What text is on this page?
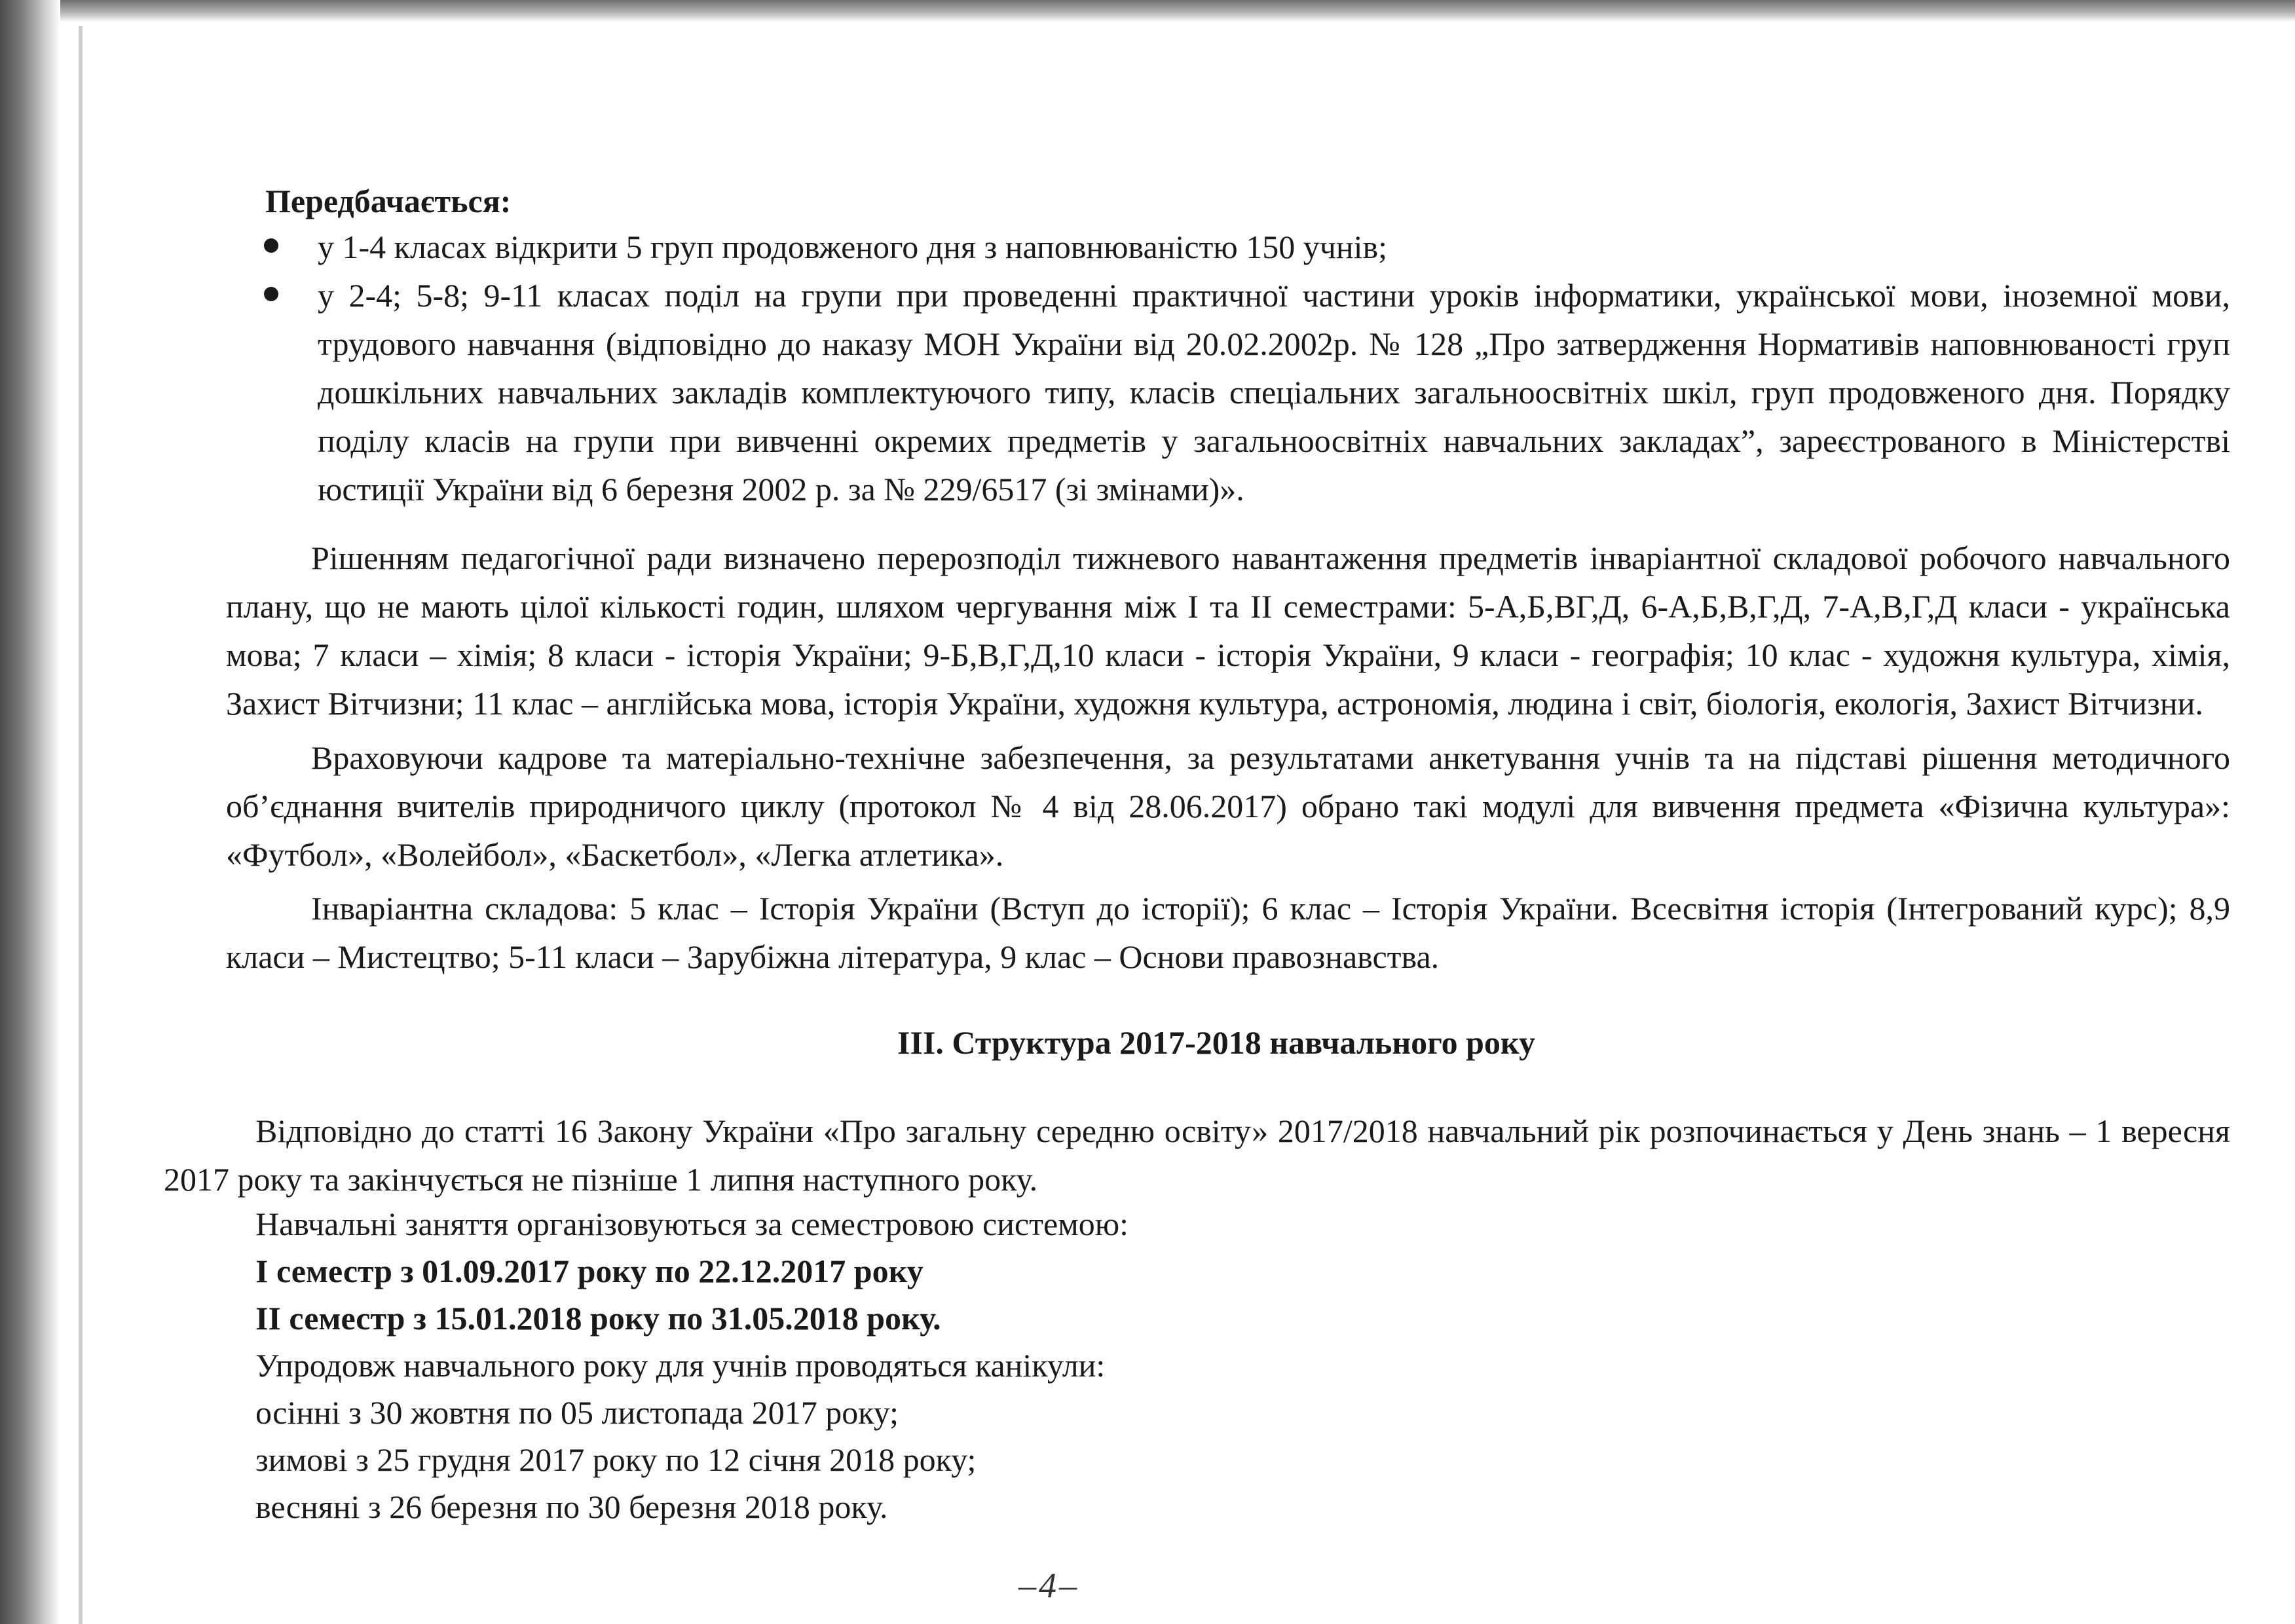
Передбачається:

у 1-4 класах відкрити 5 груп продовженого дня з наповнюваністю 150 учнів;
у 2-4; 5-8; 9-11 класах поділ на групи при проведенні практичної частини уроків інформатики, української мови, іноземної мови, трудового навчання (відповідно до наказу МОН України від 20.02.2002р. № 128 „Про затвердження Нормативів наповнюваності груп дошкільних навчальних закладів комплектуючого типу, класів спеціальних загальноосвітніх шкіл, груп продовженого дня. Порядку поділу класів на групи при вивченні окремих предметів у загальноосвітніх навчальних закладах”, зареєстрованого в Міністерстві юстиції України від 6 березня 2002 р. за № 229/6517 (зі змінами)».

Рішенням педагогічної ради визначено перерозподіл тижневого навантаження предметів інваріантної складової робочого навчального плану, що не мають цілої кількості годин, шляхом чергування між I та II семестрами: 5-А,Б,ВГ,Д, 6-А,Б,В,Г,Д, 7-А,В,Г,Д класи - українська мова; 7 класи – хімія; 8 класи - історія України; 9-Б,В,Г,Д,10 класи - історія України, 9 класи - географія; 10 клас - художня культура, хімія, Захист Вітчизни; 11 клас – англійська мова, історія України, художня культура, астрономія, людина і світ, біологія, екологія, Захист Вітчизни.

Враховуючи кадрове та матеріально-технічне забезпечення, за результатами анкетування учнів та на підставі рішення методичного об’єднання вчителів природничого циклу (протокол № 4 від 28.06.2017) обрано такі модулі для вивчення предмета «Фізична культура»: «Футбол», «Волейбол», «Баскетбол», «Легка атлетика».

Інваріантна складова: 5 клас – Історія України (Вступ до історії); 6 клас – Історія України. Всесвітня історія (Інтегрований курс); 8,9 класи – Мистецтво; 5-11 класи – Зарубіжна література, 9 клас – Основи правознавства.

III. Структура 2017-2018 навчального року

Відповідно до статті 16 Закону України «Про загальну середню освіту» 2017/2018 навчальний рік розпочинається у День знань – 1 вересня 2017 року та закінчується не пізніше 1 липня наступного року.

Навчальні заняття організовуються за семестровою системою:

I семестр з 01.09.2017 року по 22.12.2017 року

II семестр з 15.01.2018 року по 31.05.2018 року.

Упродовж навчального року для учнів проводяться канікули:

осінні з 30 жовтня по 05 листопада 2017 року;

зимові з 25 грудня 2017 року по 12 січня 2018 року;

весняні з 26 березня по 30 березня 2018 року.

–4–
